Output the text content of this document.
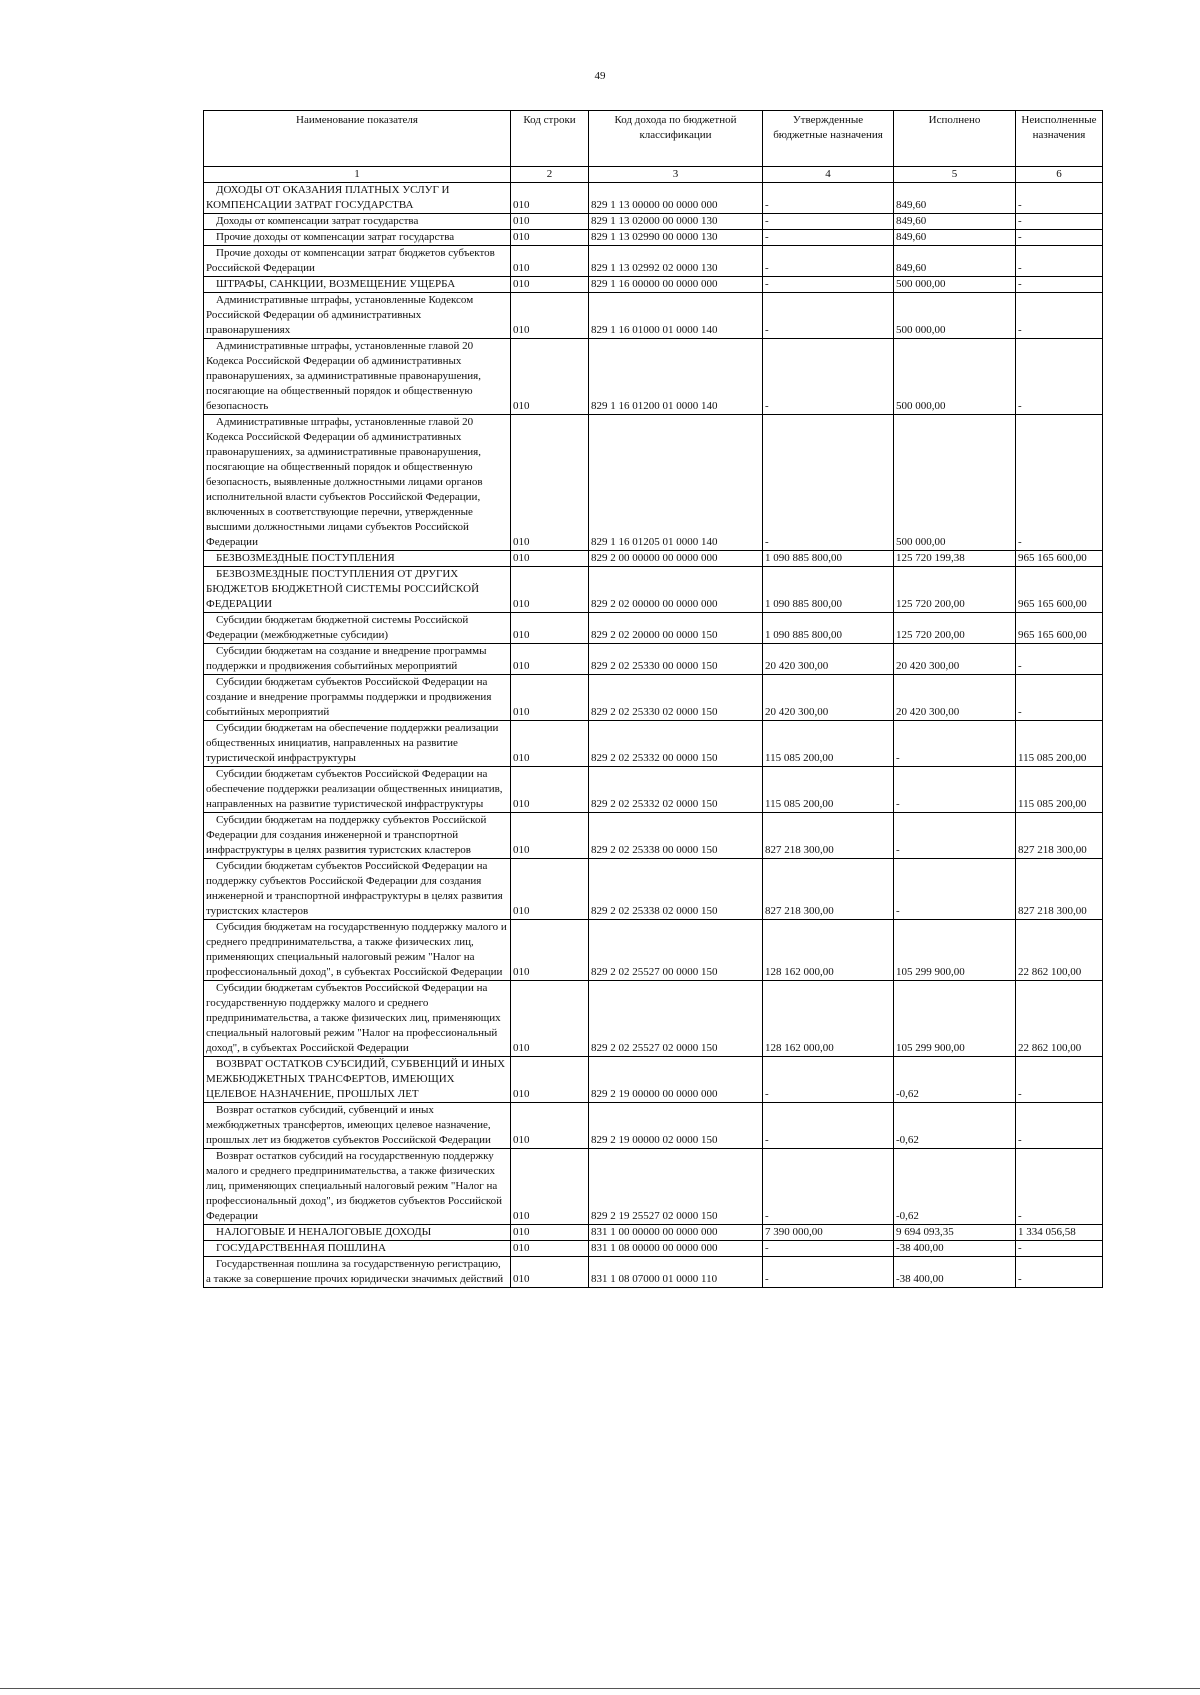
49
Наименование показателя	Код строки	Код дохода по бюджетной классификации	Утвержденные бюджетные назначения	Исполнено	Неисполненные назначения
1	2	3	4	5	6
ДОХОДЫ ОТ ОКАЗАНИЯ ПЛАТНЫХ УСЛУГ И КОМПЕНСАЦИИ ЗАТРАТ ГОСУДАРСТВА	010	829 1 13 00000 00 0000 000	-	849,60	-
Доходы от компенсации затрат государства	010	829 1 13 02000 00 0000 130	-	849,60	-
Прочие доходы от компенсации затрат государства	010	829 1 13 02990 00 0000 130	-	849,60	-
Прочие доходы от компенсации затрат бюджетов субъектов Российской Федерации	010	829 1 13 02992 02 0000 130	-	849,60	-
ШТРАФЫ, САНКЦИИ, ВОЗМЕЩЕНИЕ УЩЕРБА	010	829 1 16 00000 00 0000 000	-	500 000,00	-
Административные штрафы, установленные Кодексом Российской Федерации об административных правонарушениях	010	829 1 16 01000 01 0000 140	-	500 000,00	-
Административные штрафы, установленные главой 20 Кодекса Российской Федерации об административных правонарушениях, за административные правонарушения, посягающие на общественный порядок и общественную безопасность	010	829 1 16 01200 01 0000 140	-	500 000,00	-
Административные штрафы, установленные главой 20 Кодекса Российской Федерации об административных правонарушениях, за административные правонарушения, посягающие на общественный порядок и общественную безопасность, выявленные должностными лицами органов исполнительной власти субъектов Российской Федерации, включенных в соответствующие перечни, утвержденные высшими должностными лицами субъектов Российской Федерации	010	829 1 16 01205 01 0000 140	-	500 000,00	-
БЕЗВОЗМЕЗДНЫЕ ПОСТУПЛЕНИЯ	010	829 2 00 00000 00 0000 000	1 090 885 800,00	125 720 199,38	965 165 600,00
БЕЗВОЗМЕЗДНЫЕ ПОСТУПЛЕНИЯ ОТ ДРУГИХ БЮДЖЕТОВ БЮДЖЕТНОЙ СИСТЕМЫ РОССИЙСКОЙ ФЕДЕРАЦИИ	010	829 2 02 00000 00 0000 000	1 090 885 800,00	125 720 200,00	965 165 600,00
Субсидии бюджетам бюджетной системы Российской Федерации (межбюджетные субсидии)	010	829 2 02 20000 00 0000 150	1 090 885 800,00	125 720 200,00	965 165 600,00
Субсидии бюджетам на создание и внедрение программы поддержки и продвижения событийных мероприятий	010	829 2 02 25330 00 0000 150	20 420 300,00	20 420 300,00	-
Субсидии бюджетам субъектов Российской Федерации на создание и внедрение программы поддержки и продвижения событийных мероприятий	010	829 2 02 25330 02 0000 150	20 420 300,00	20 420 300,00	-
Субсидии бюджетам на обеспечение поддержки реализации общественных инициатив, направленных на развитие туристической инфраструктуры	010	829 2 02 25332 00 0000 150	115 085 200,00	-	115 085 200,00
Субсидии бюджетам субъектов Российской Федерации на обеспечение поддержки реализации общественных инициатив, направленных на развитие туристической инфраструктуры	010	829 2 02 25332 02 0000 150	115 085 200,00	-	115 085 200,00
Субсидии бюджетам на поддержку субъектов Российской Федерации для создания инженерной и транспортной инфраструктуры в целях развития туристских кластеров	010	829 2 02 25338 00 0000 150	827 218 300,00	-	827 218 300,00
Субсидии бюджетам субъектов Российской Федерации на поддержку субъектов Российской Федерации для создания инженерной и транспортной инфраструктуры в целях развития туристских кластеров	010	829 2 02 25338 02 0000 150	827 218 300,00	-	827 218 300,00
Субсидия бюджетам на государственную поддержку малого и среднего предпринимательства, а также физических лиц, применяющих специальный налоговый режим "Налог на профессиональный доход", в субъектах Российской Федерации	010	829 2 02 25527 00 0000 150	128 162 000,00	105 299 900,00	22 862 100,00
Субсидии бюджетам субъектов Российской Федерации на государственную поддержку малого и среднего предпринимательства, а также физических лиц, применяющих специальный налоговый режим "Налог на профессиональный доход", в субъектах Российской Федерации	010	829 2 02 25527 02 0000 150	128 162 000,00	105 299 900,00	22 862 100,00
ВОЗВРАТ ОСТАТКОВ СУБСИДИЙ, СУБВЕНЦИЙ И ИНЫХ МЕЖБЮДЖЕТНЫХ ТРАНСФЕРТОВ, ИМЕЮЩИХ ЦЕЛЕВОЕ НАЗНАЧЕНИЕ, ПРОШЛЫХ ЛЕТ	010	829 2 19 00000 00 0000 000	-	-0,62	-
Возврат остатков субсидий, субвенций и иных межбюджетных трансфертов, имеющих целевое назначение, прошлых лет из бюджетов субъектов Российской Федерации	010	829 2 19 00000 02 0000 150	-	-0,62	-
Возврат остатков субсидий на государственную поддержку малого и среднего предпринимательства, а также физических лиц, применяющих специальный налоговый режим "Налог на профессиональный доход", из бюджетов субъектов Российской Федерации	010	829 2 19 25527 02 0000 150	-	-0,62	-
НАЛОГОВЫЕ И НЕНАЛОГОВЫЕ ДОХОДЫ	010	831 1 00 00000 00 0000 000	7 390 000,00	9 694 093,35	1 334 056,58
ГОСУДАРСТВЕННАЯ ПОШЛИНА	010	831 1 08 00000 00 0000 000	-	-38 400,00	-
Государственная пошлина за государственную регистрацию, а также за совершение прочих юридически значимых действий	010	831 1 08 07000 01 0000 110	-	-38 400,00	-
